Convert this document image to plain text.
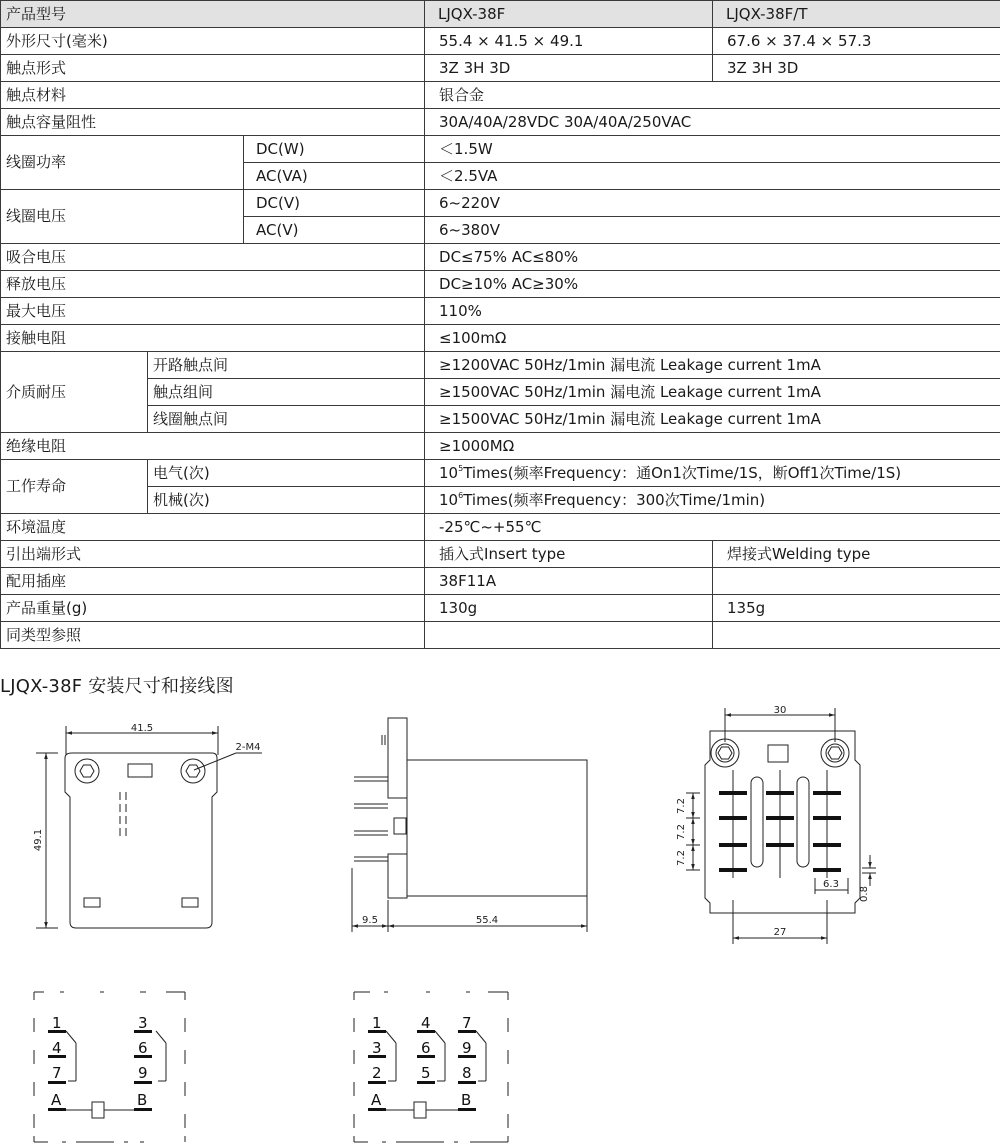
产品型号			LJQX-38F	LJQX-38F/T
外形尺寸(毫米)			55.4 × 41.5 × 49.1	67.6 × 37.4 × 57.3
触点形式			3Z 3H 3D	3Z 3H 3D
触点材料			银合金	
触点容量阻性			30A/40A/28VDC 30A/40A/250VAC	
线圈功率		DC(W)	＜1.5W	
		AC(VA)	＜2.5VA	
线圈电压		DC(V)	6~220V	
		AC(V)	6~380V	
吸合电压			DC≤75% AC≤80%	
释放电压			DC≥10% AC≥30%	
最大电压			110%	
接触电阻			≤100mΩ	
介质耐压	开路触点间		≥1200VAC 50Hz/1min 漏电流 Leakage current 1mA	
	触点组间		≥1500VAC 50Hz/1min 漏电流 Leakage current 1mA	
	线圈触点间		≥1500VAC 50Hz/1min 漏电流 Leakage current 1mA	
绝缘电阻			≥1000MΩ	
工作寿命	电气(次)		$10^5Times$(频率Frequency：通On1次Time/1S，断Off1次Time/1S)	
	机械(次)		$10^6Times$(频率Frequency：300次Time/1min)	
环境温度			-25℃~+55℃	
引出端形式			插入式Insert type	焊接式Welding type
配用插座			38F11A	
产品重量(g)			130g	135g
同类型参照				
LJQX-38F 安装尺寸和接线图
41.5
49.1
2-M4
9.5	55.4
30
7.2
7.2
7.2
6.3
0.8
27
1
4
7
3
6
9
A	B
1
3
2
4
6
5
7
9
8
A	B
